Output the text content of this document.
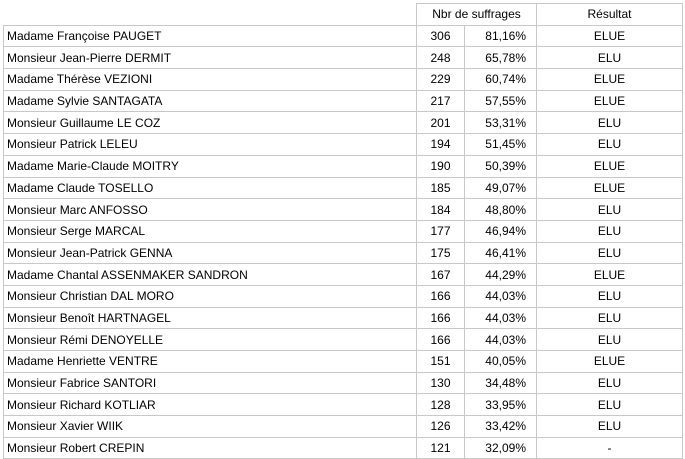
	Nbr de suffrages		Résultat
Madame Françoise PAUGET	306	81,16%	ELUE
Monsieur Jean-Pierre DERMIT	248	65,78%	ELU
Madame Thérèse VEZIONI	229	60,74%	ELUE
Madame Sylvie SANTAGATA	217	57,55%	ELUE
Monsieur Guillaume LE COZ	201	53,31%	ELU
Monsieur Patrick LELEU	194	51,45%	ELU
Madame Marie-Claude MOITRY	190	50,39%	ELUE
Madame Claude TOSELLO	185	49,07%	ELUE
Monsieur Marc ANFOSSO	184	48,80%	ELU
Monsieur Serge MARCAL	177	46,94%	ELU
Monsieur Jean-Patrick GENNA	175	46,41%	ELU
Madame Chantal ASSENMAKER SANDRON	167	44,29%	ELUE
Monsieur Christian DAL MORO	166	44,03%	ELU
Monsieur Benoît HARTNAGEL	166	44,03%	ELU
Monsieur Rémi DENOYELLE	166	44,03%	ELU
Madame Henriette VENTRE	151	40,05%	ELUE
Monsieur Fabrice SANTORI	130	34,48%	ELU
Monsieur Richard KOTLIAR	128	33,95%	ELU
Monsieur Xavier WIIK	126	33,42%	ELU
Monsieur Robert CREPIN	121	32,09%	-
